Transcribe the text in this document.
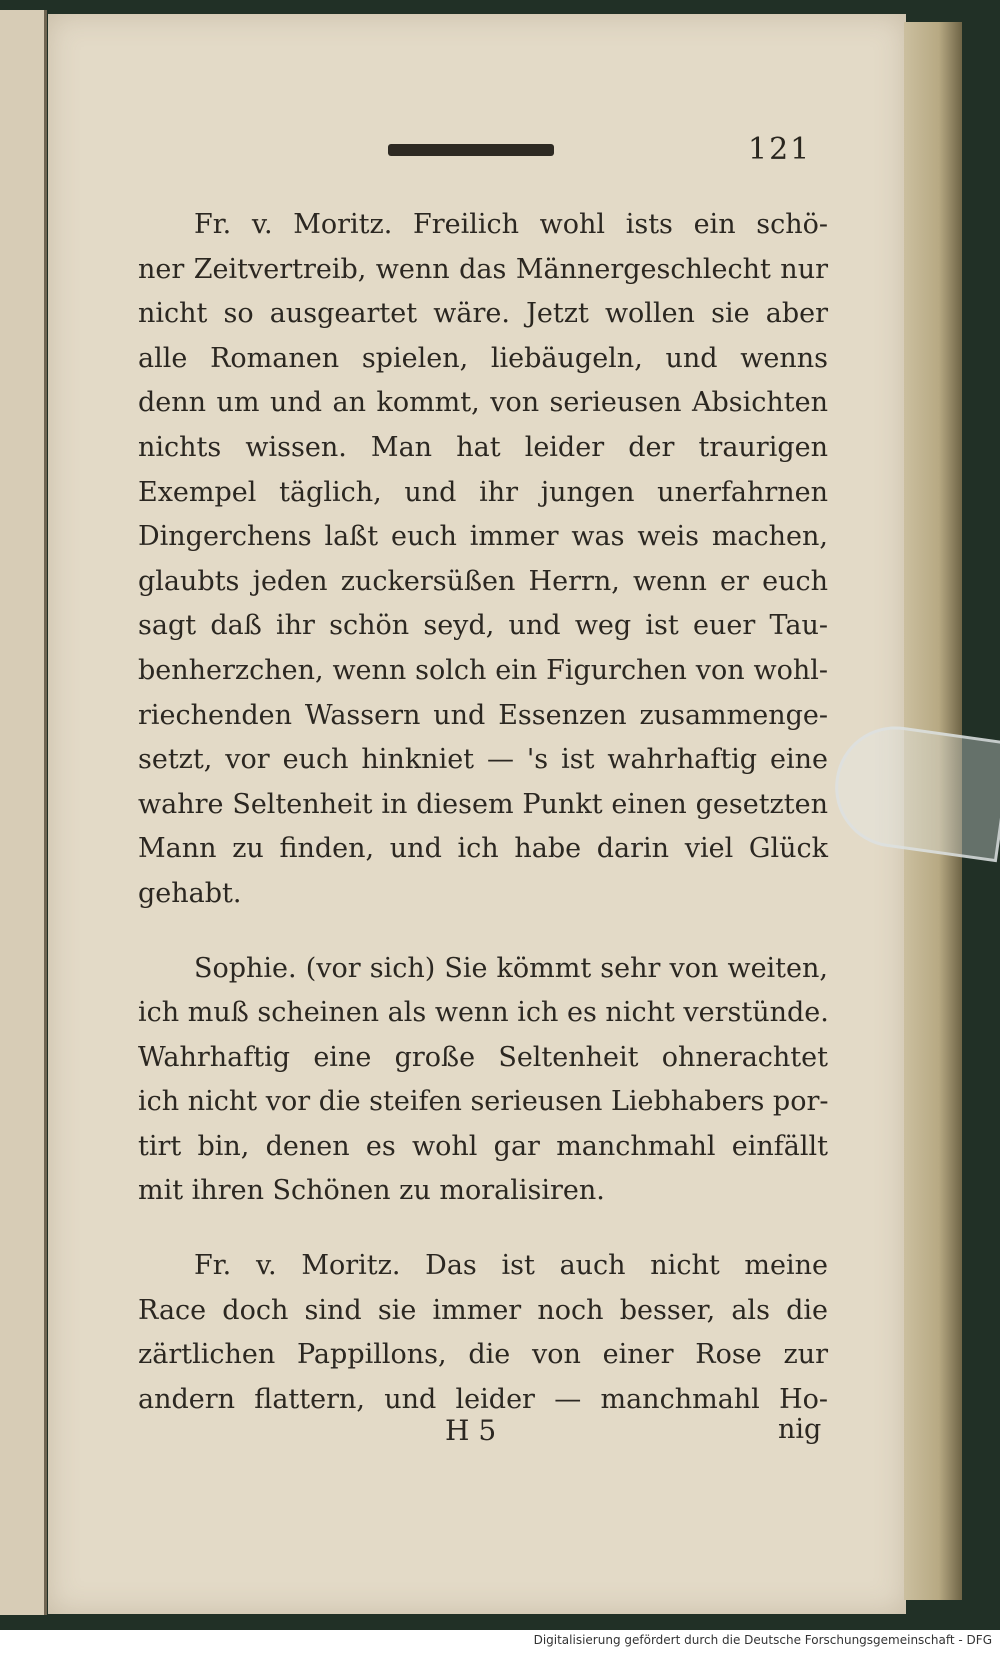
121
Fr. v. Moritz. Freilich wohl ists ein schö-
ner Zeitvertreib, wenn das Männergeschlecht nur
nicht so ausgeartet wäre. Jetzt wollen sie aber
alle Romanen spielen, liebäugeln, und wenns
denn um und an kommt, von serieusen Absichten
nichts wissen. Man hat leider der traurigen
Exempel täglich, und ihr jungen unerfahrnen
Dingerchens laßt euch immer was weis machen,
glaubts jeden zuckersüßen Herrn, wenn er euch
sagt daß ihr schön seyd, und weg ist euer Tau-
benherzchen, wenn solch ein Figurchen von wohl-
riechenden Wassern und Essenzen zusammenge-
setzt, vor euch hinkniet — 's ist wahrhaftig eine
wahre Seltenheit in diesem Punkt einen gesetzten
Mann zu finden, und ich habe darin viel Glück
gehabt.
Sophie. (vor sich) Sie kömmt sehr von weiten,
ich muß scheinen als wenn ich es nicht verstünde.
Wahrhaftig eine große Seltenheit ohnerachtet
ich nicht vor die steifen serieusen Liebhabers por-
tirt bin, denen es wohl gar manchmahl einfällt
mit ihren Schönen zu moralisiren.
Fr. v. Moritz. Das ist auch nicht meine
Race doch sind sie immer noch besser, als die
zärtlichen Pappillons, die von einer Rose zur
andern flattern, und leider — manchmahl Ho-
H 5	nig
Digitalisierung gefördert durch die Deutsche Forschungsgemeinschaft - DFG
